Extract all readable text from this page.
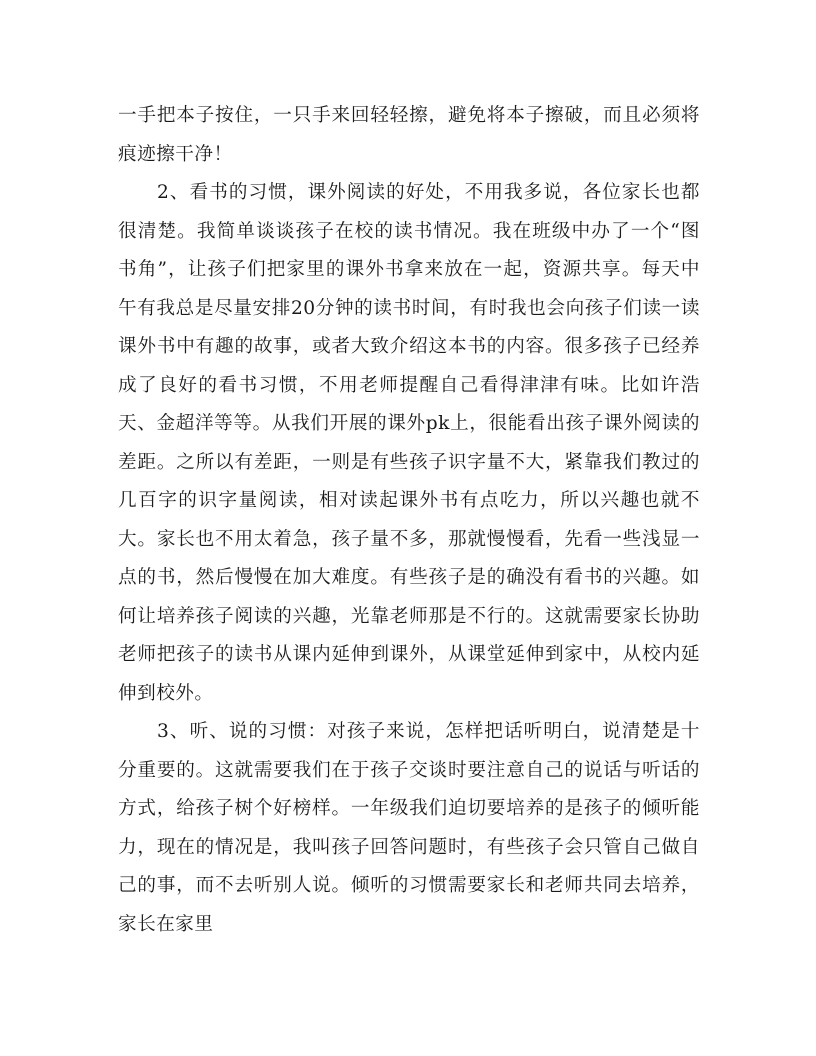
一手把本子按住，一只手来回轻轻擦，避免将本子擦破，而且必须将痕迹擦干净！

2、看书的习惯，课外阅读的好处，不用我多说，各位家长也都很清楚。我简单谈谈孩子在校的读书情况。我在班级中办了一个“图书角”，让孩子们把家里的课外书拿来放在一起，资源共享。每天中午有我总是尽量安排20分钟的读书时间，有时我也会向孩子们读一读课外书中有趣的故事，或者大致介绍这本书的内容。很多孩子已经养成了良好的看书习惯，不用老师提醒自己看得津津有味。比如许浩天、金超洋等等。从我们开展的课外pk上，很能看出孩子课外阅读的差距。之所以有差距，一则是有些孩子识字量不大，紧靠我们教过的几百字的识字量阅读，相对读起课外书有点吃力，所以兴趣也就不大。家长也不用太着急，孩子量不多，那就慢慢看，先看一些浅显一点的书，然后慢慢在加大难度。有些孩子是的确没有看书的兴趣。如何让培养孩子阅读的兴趣，光靠老师那是不行的。这就需要家长协助老师把孩子的读书从课内延伸到课外，从课堂延伸到家中，从校内延伸到校外。

3、听、说的习惯：对孩子来说，怎样把话听明白，说清楚是十分重要的。这就需要我们在于孩子交谈时要注意自己的说话与听话的方式，给孩子树个好榜样。一年级我们迫切要培养的是孩子的倾听能力，现在的情况是，我叫孩子回答问题时，有些孩子会只管自己做自己的事，而不去听别人说。倾听的习惯需要家长和老师共同去培养，家长在家里
